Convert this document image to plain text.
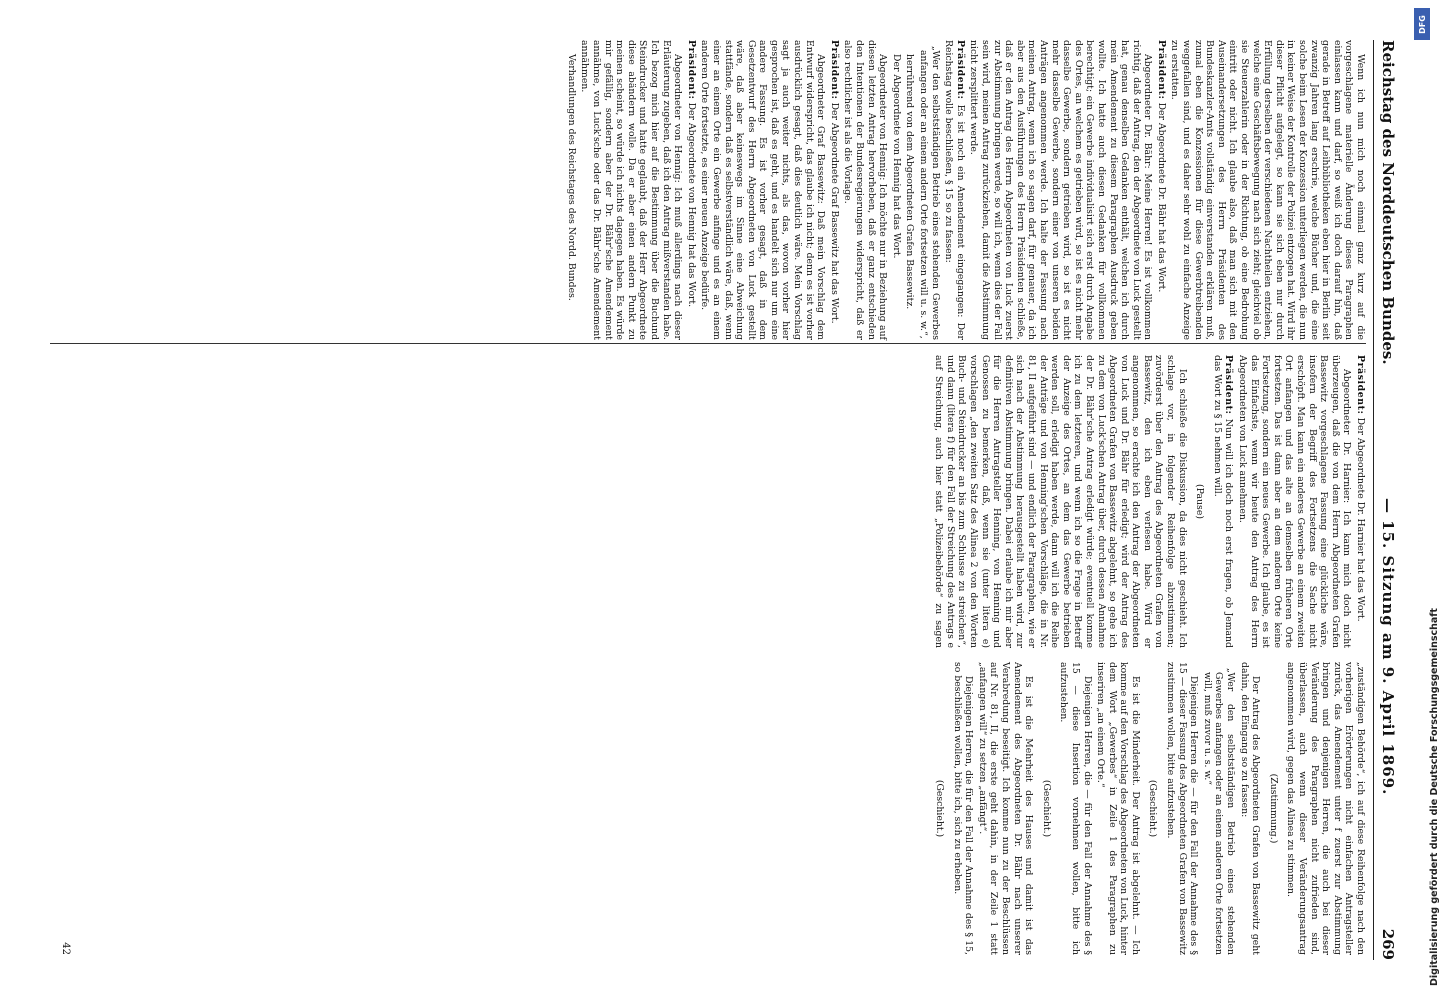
Reichstag des Norddeutschen Bundes.
— 15. Sitzung am 9. April 1869.
269

Wenn ich nun mich noch einmal ganz kurz auf die vorgeschlagene materielle Änderung dieses Paragraphen einlassen kann und darf, so weiß ich doch darauf hin, daß gerade in Betreff auf Leihbibliotheken eben hier in Berlin seit zwanzig Jahren lang erschrie, welche Bücher und, die eine solche beim Lesen der Konzession unterliegen werden, die nun in keiner Weise der Kontrolle der Polizei entzogen hat. Wird ihr dieser Pflicht aufgelegt, so kann sie sich eben nur durch Erfüllung derselben der verschiedenen Nachtheilen entziehen, welche eine Geschäftsbewegung nach sich zieht; gleichviel ob sie Steuerzahlerin oder in der Richtung, ob eine Bedrohung eintritt oder nicht. Ich glaube also, daß man sich mit den Auseinandersetzungen des Herrn Präsidenten des Bundeskanzler-Amts vollständig einverstanden erklären muß, zumal eben die Konzessionen für diese Gewerbtreibenden weggefallen sind, und es daher sehr wohl zu einfache Anzeige zu erstatten.

Präsident: Der Abgeordnete Dr. Bähr hat das Wort.

Abgeordneter Dr. Bähr: Meine Herren! Es ist vollkommen richtig, daß der Antrag, den der Abgeordnete von Luck gestellt hat, genau denselben Gedanken enthält, welchen ich durch mein Amendement zu diesem Paragraphen Ausdruck geben wollte. Ich hatte auch diesen Gedanken für vollkommen berechtigt; ein Gewerbe individualisirt sich erst durch Angabe des Ortes, an welchem es getrieben wird, so ist es nicht mehr dasselbe Gewerbe, sondern getrieben wird, so ist es nicht mehr dasselbe Gewerbe, sondern einer von unseren beiden Anträgen angenommen werde. Ich halte der Fassung nach meinen Antrag, wenn ich so sagen darf, für genauer, da ich aber aus den Ausführungen des Herrn Präsidenten schließe, daß er den Antrag des Herrn Abgeordneten von Luck zuerst zur Abstimmung bringen werde, so will ich, wenn dies der Fall sein wird, meinen Antrag zurückziehen, damit die Abstimmung nicht zersplittert werde.

Präsident: Es ist noch ein Amendement eingegangen: Der Reichstag wolle beschließen, § 15 so zu fassen:

„Wer den selbstständigen Betrieb eines stehenden Gewerbes anfangen oder an einem andern Orte fortsetzen will u. s. w.“,

herrührend von dem Abgeordneten Grafen Bassewitz.

Der Abgeordnete von Hennig hat das Wort.

Abgeordneter von Hennig: Ich möchte nur in Beziehung auf diesen letzten Antrag hervorheben, daß er ganz entschieden den Intentionen der Bundesregierungen widerspricht, daß er also rechtlicher ist als die Vorlage.

Präsident: Der Abgeordnete Graf Bassewitz hat das Wort.

Abgeordneter Graf Bassewitz: Daß mein Vorschlag dem Entwurf widerspricht, das glaube ich nicht; denn es ist vorher ausdrücklich gesagt, daß dies deutlich wäre. Mein Vorschlag sagt ja auch weiter nichts, als das, wovon vorher hier gesprochen ist, daß es geht, und es handelt sich nur um eine andere Fassung. Es ist vorher gesagt, daß in dem Gesetzentwurf des Herrn Abgeordneten von Luck gestellt wäre, daß aber keineswegs im Sinne eine Abweichung stattfände, sondern daß es selbstverständlich wäre, daß, wenn einer an einem Orte ein Gewerbe anfinge und es an einem anderen Orte fortsetzte, es einer neuen Anzeige bedürfe.

Präsident: Der Abgeordnete von Hennig hat das Wort.

Abgeordneter von Hennig: Ich muß allerdings nach dieser Erläuterung zugeben, daß ich den Antrag mißverstanden habe. Ich bezog mich hier auf die Bestimmung über die Buchund Steindrucker und hatte geglaubt, daß der Herr Abgeordnete diese abändern wolle. Da er aber einen andern Punkt zu meinen scheint, so würde ich nichts dagegen haben. Es würde mir gefällig, sondern aber der Dr. Bähr'sche Amendement annähme, von Luck'sche oder das Dr. Bähr'sche Amendement annähmen.

Verhandlungen des Reichstages des Nordd. Bundes.

Präsident: Der Abgeordnete Dr. Harnier hat das Wort.

Abgeordneter Dr. Harnier: Ich kann mich doch nicht überzeugen, daß die von dem Herrn Abgeordneten Grafen Bassewitz vorgeschlagene Fassung eine glückliche wäre, insofern der Begriff des Fortsetzens die Sache nicht erschöpft. Man kann ein anderes Gewerbe an einem zweiten Ort anfangen und das alte an demselben früheren Orte fortsetzen. Das ist dann aber an dem anderen Orte keine Fortsetzung, sondern ein neues Gewerbe. Ich glaube, es ist das Einfachste, wenn wir heute den Antrag des Herrn Abgeordneten von Luck annehmen.

Präsident: Nun will ich doch noch erst fragen, ob Jemand das Wort zu § 15 nehmen will.

(Pause)

Ich schließe die Diskussion, da dies nicht geschieht. Ich schlage vor, in folgender Reihenfolge abzustimmen; zuvörderst über den Antrag des Abgeordneten Grafen von Bassewitz, den ich eben verlesen habe. Wird er angenommen, so erachte ich den Antrag der Abgeordneten von Luck und Dr. Bähr für erledigt; wird der Antrag des Abgeordneten Grafen von Bassewitz abgelehnt, so gehe ich zu dem von Luck'schen Antrag über, durch dessen Annahme der Dr. Bähr'sche Antrag erledigt würde; eventuell komme ich zu dem letzteren, und wenn ich so die Frage in Betreff der Anzeige des Ortes, an dem das Gewerbe betrieben werden soll, erledigt haben werde, dann will ich die Reihe der Anträge und von Henning'schen Vorschläge, die in Nr. 81, II aufgeführt sind — und endlich der Paragraphen, wie er sich nach der Abstimmung herausgestellt haben wird, zur definitiven Abstimmung bringen. Dabei erlaube ich mir aber für die Herren Antragsteller Henning, von Henning und Genossen zu bemerken, daß, wenn sie (unter litera e) vorschlagen „den zweiten Satz des Alinea 2 von den Worten Buch- und Steindrucker an bis zum Schlusse zu streichen“, und dann (litera f) für den Fall der Streichung des Antrags e auf Streichung, auch hier statt „Polizeibehörde“ zu sagen „zuständigen Behörde“, ich auf diese Reihenfolge nach den vorherigen Erörterungen nicht einfachen Antragsteller zurück, das Amendement unter f zuerst zur Abstimmung bringen und denjenigen Herren, die auch bei dieser Veränderung des Paragraphen nicht zufrieden sind, überlassen, auch wenn dieser Veränderungsantrag angenommen wird, gegen das Alinea zu stimmen.

(Zustimmung.)

Der Antrag des Abgeordneten Grafen von Bassewitz geht dahin, den Eingang so zu fassen:

„Wer den selbstständigen Betrieb eines stehenden Gewerbes anfangen oder an einem anderen Orte fortsetzen will, muß zuvor u. s. w.“

Diejenigen Herren die — für den Fall der Annahme des § 15 — dieser Fassung des Abgeordneten Grafen von Bassewitz zustimmen wollen, bitte aufzustehen.

(Geschieht.)

Es ist die Minderheit. Der Antrag ist abgelehnt. — Ich komme auf den Vorschlag des Abgeordneten von Luck, hinter dem Wort „Gewerbes“ in Zeile 1 des Paragraphen zu inseriren „an einem Orte.“

Diejenigen Herren, die — für den Fall der Annahme des § 15 — diese Insertion vornehmen wollen, bitte ich aufzustehen.

(Geschieht.)

Es ist die Mehrheit des Hauses und damit ist das Amendement des Abgeordneten Dr. Bähr nach unserer Verabredung beseitigt. Ich komme nun zu der Beschlüssen auf Nr. 81, II, die erste geht dahin, in der Zeile 1 statt „anfangen will“ zu setzen „anfängt“.

Diejenigen Herren, die für den Fall der Annahme des § 15, so beschließen wollen, bitte ich, sich zu erheben.

(Geschieht.)

42
DFG
Digitalisierung gefördert durch die Deutsche Forschungsgemeinschaft
